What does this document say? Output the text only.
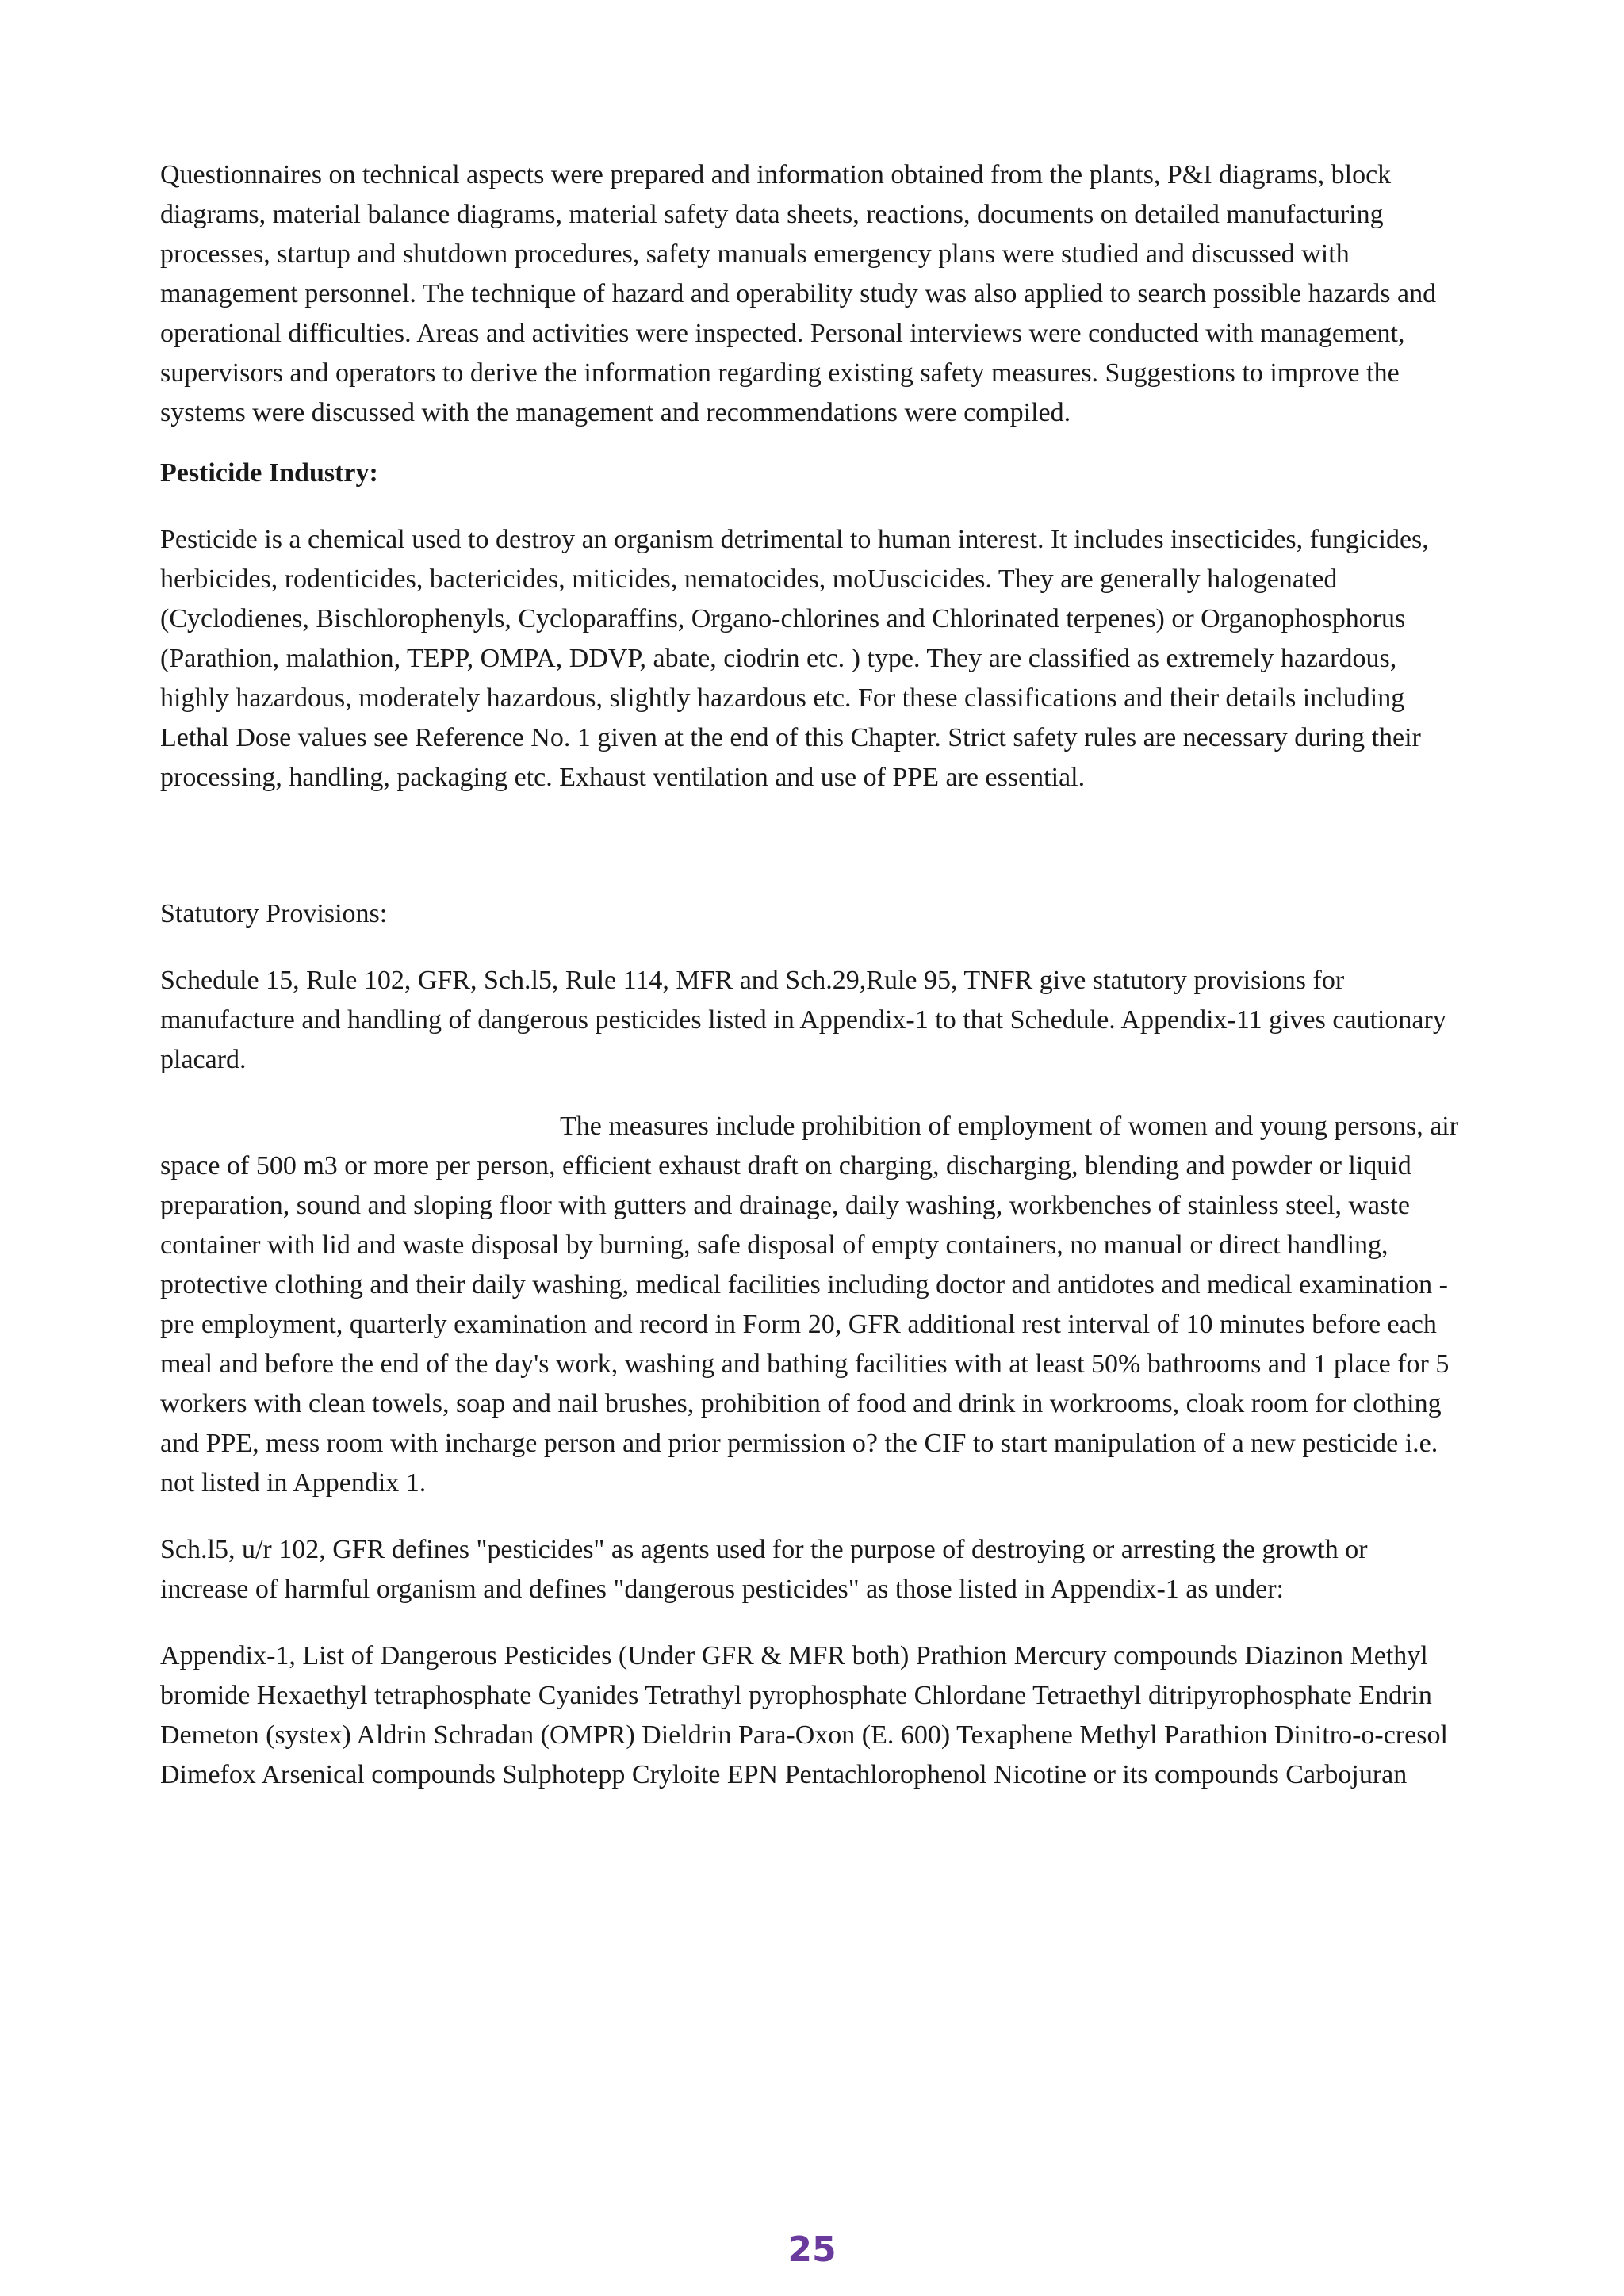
Questionnaires on technical aspects were prepared and information obtained from the plants, P&I diagrams, block diagrams, material balance diagrams, material safety data sheets, reactions, documents on detailed manufacturing processes, startup and shutdown procedures, safety manuals emergency plans were studied and discussed with management personnel. The technique of hazard and operability study was also applied to search possible hazards and operational difficulties. Areas and activities were inspected. Personal interviews were conducted with management, supervisors and operators to derive the information regarding existing safety measures. Suggestions to improve the systems were discussed with the management and recommendations were compiled.

Pesticide Industry:

Pesticide is a chemical used to destroy an organism detrimental to human interest. It includes insecticides, fungicides, herbicides, rodenticides, bactericides, miticides, nematocides, moUuscicides. They are generally halogenated (Cyclodienes, Bischlorophenyls, Cycloparaffins, Organo-chlorines and Chlorinated terpenes) or Organophosphorus (Parathion, malathion, TEPP, OMPA, DDVP, abate, ciodrin etc. ) type. They are classified as extremely hazardous, highly hazardous, moderately hazardous, slightly hazardous etc. For these classifications and their details including Lethal Dose values see Reference No. 1 given at the end of this Chapter. Strict safety rules are necessary during their processing, handling, packaging etc. Exhaust ventilation and use of PPE are essential.

Statutory Provisions:

Schedule 15, Rule 102, GFR, Sch.l5, Rule 114, MFR and Sch.29,Rule 95, TNFR give statutory provisions for manufacture and handling of dangerous pesticides listed in Appendix-1 to that Schedule. Appendix-11 gives cautionary placard.

The measures include prohibition of employment of women and young persons, air space of 500 m3 or more per person, efficient exhaust draft on charging, discharging, blending and powder or liquid preparation, sound and sloping floor with gutters and drainage, daily washing, workbenches of stainless steel, waste container with lid and waste disposal by burning, safe disposal of empty containers, no manual or direct handling, protective clothing and their daily washing, medical facilities including doctor and antidotes and medical examination - pre employment, quarterly examination and record in Form 20, GFR additional rest interval of 10 minutes before each meal and before the end of the day's work, washing and bathing facilities with at least 50% bathrooms and 1 place for 5 workers with clean towels, soap and nail brushes, prohibition of food and drink in workrooms, cloak room for clothing and PPE, mess room with incharge person and prior permission o? the CIF to start manipulation of a new pesticide i.e. not listed in Appendix 1.

Sch.l5, u/r 102, GFR defines "pesticides" as agents used for the purpose of destroying or arresting the growth or increase of harmful organism and defines "dangerous pesticides" as those listed in Appendix-1 as under:

Appendix-1, List of Dangerous Pesticides (Under GFR & MFR both) Prathion Mercury compounds Diazinon Methyl bromide Hexaethyl tetraphosphate Cyanides Tetrathyl pyrophosphate Chlordane Tetraethyl ditripyrophosphate Endrin Demeton (systex) Aldrin Schradan (OMPR) Dieldrin Para-Oxon (E. 600) Texaphene Methyl Parathion Dinitro-o-cresol Dimefox Arsenical compounds Sulphotepp Cryloite EPN Pentachlorophenol Nicotine or its compounds Carbojuran

25
